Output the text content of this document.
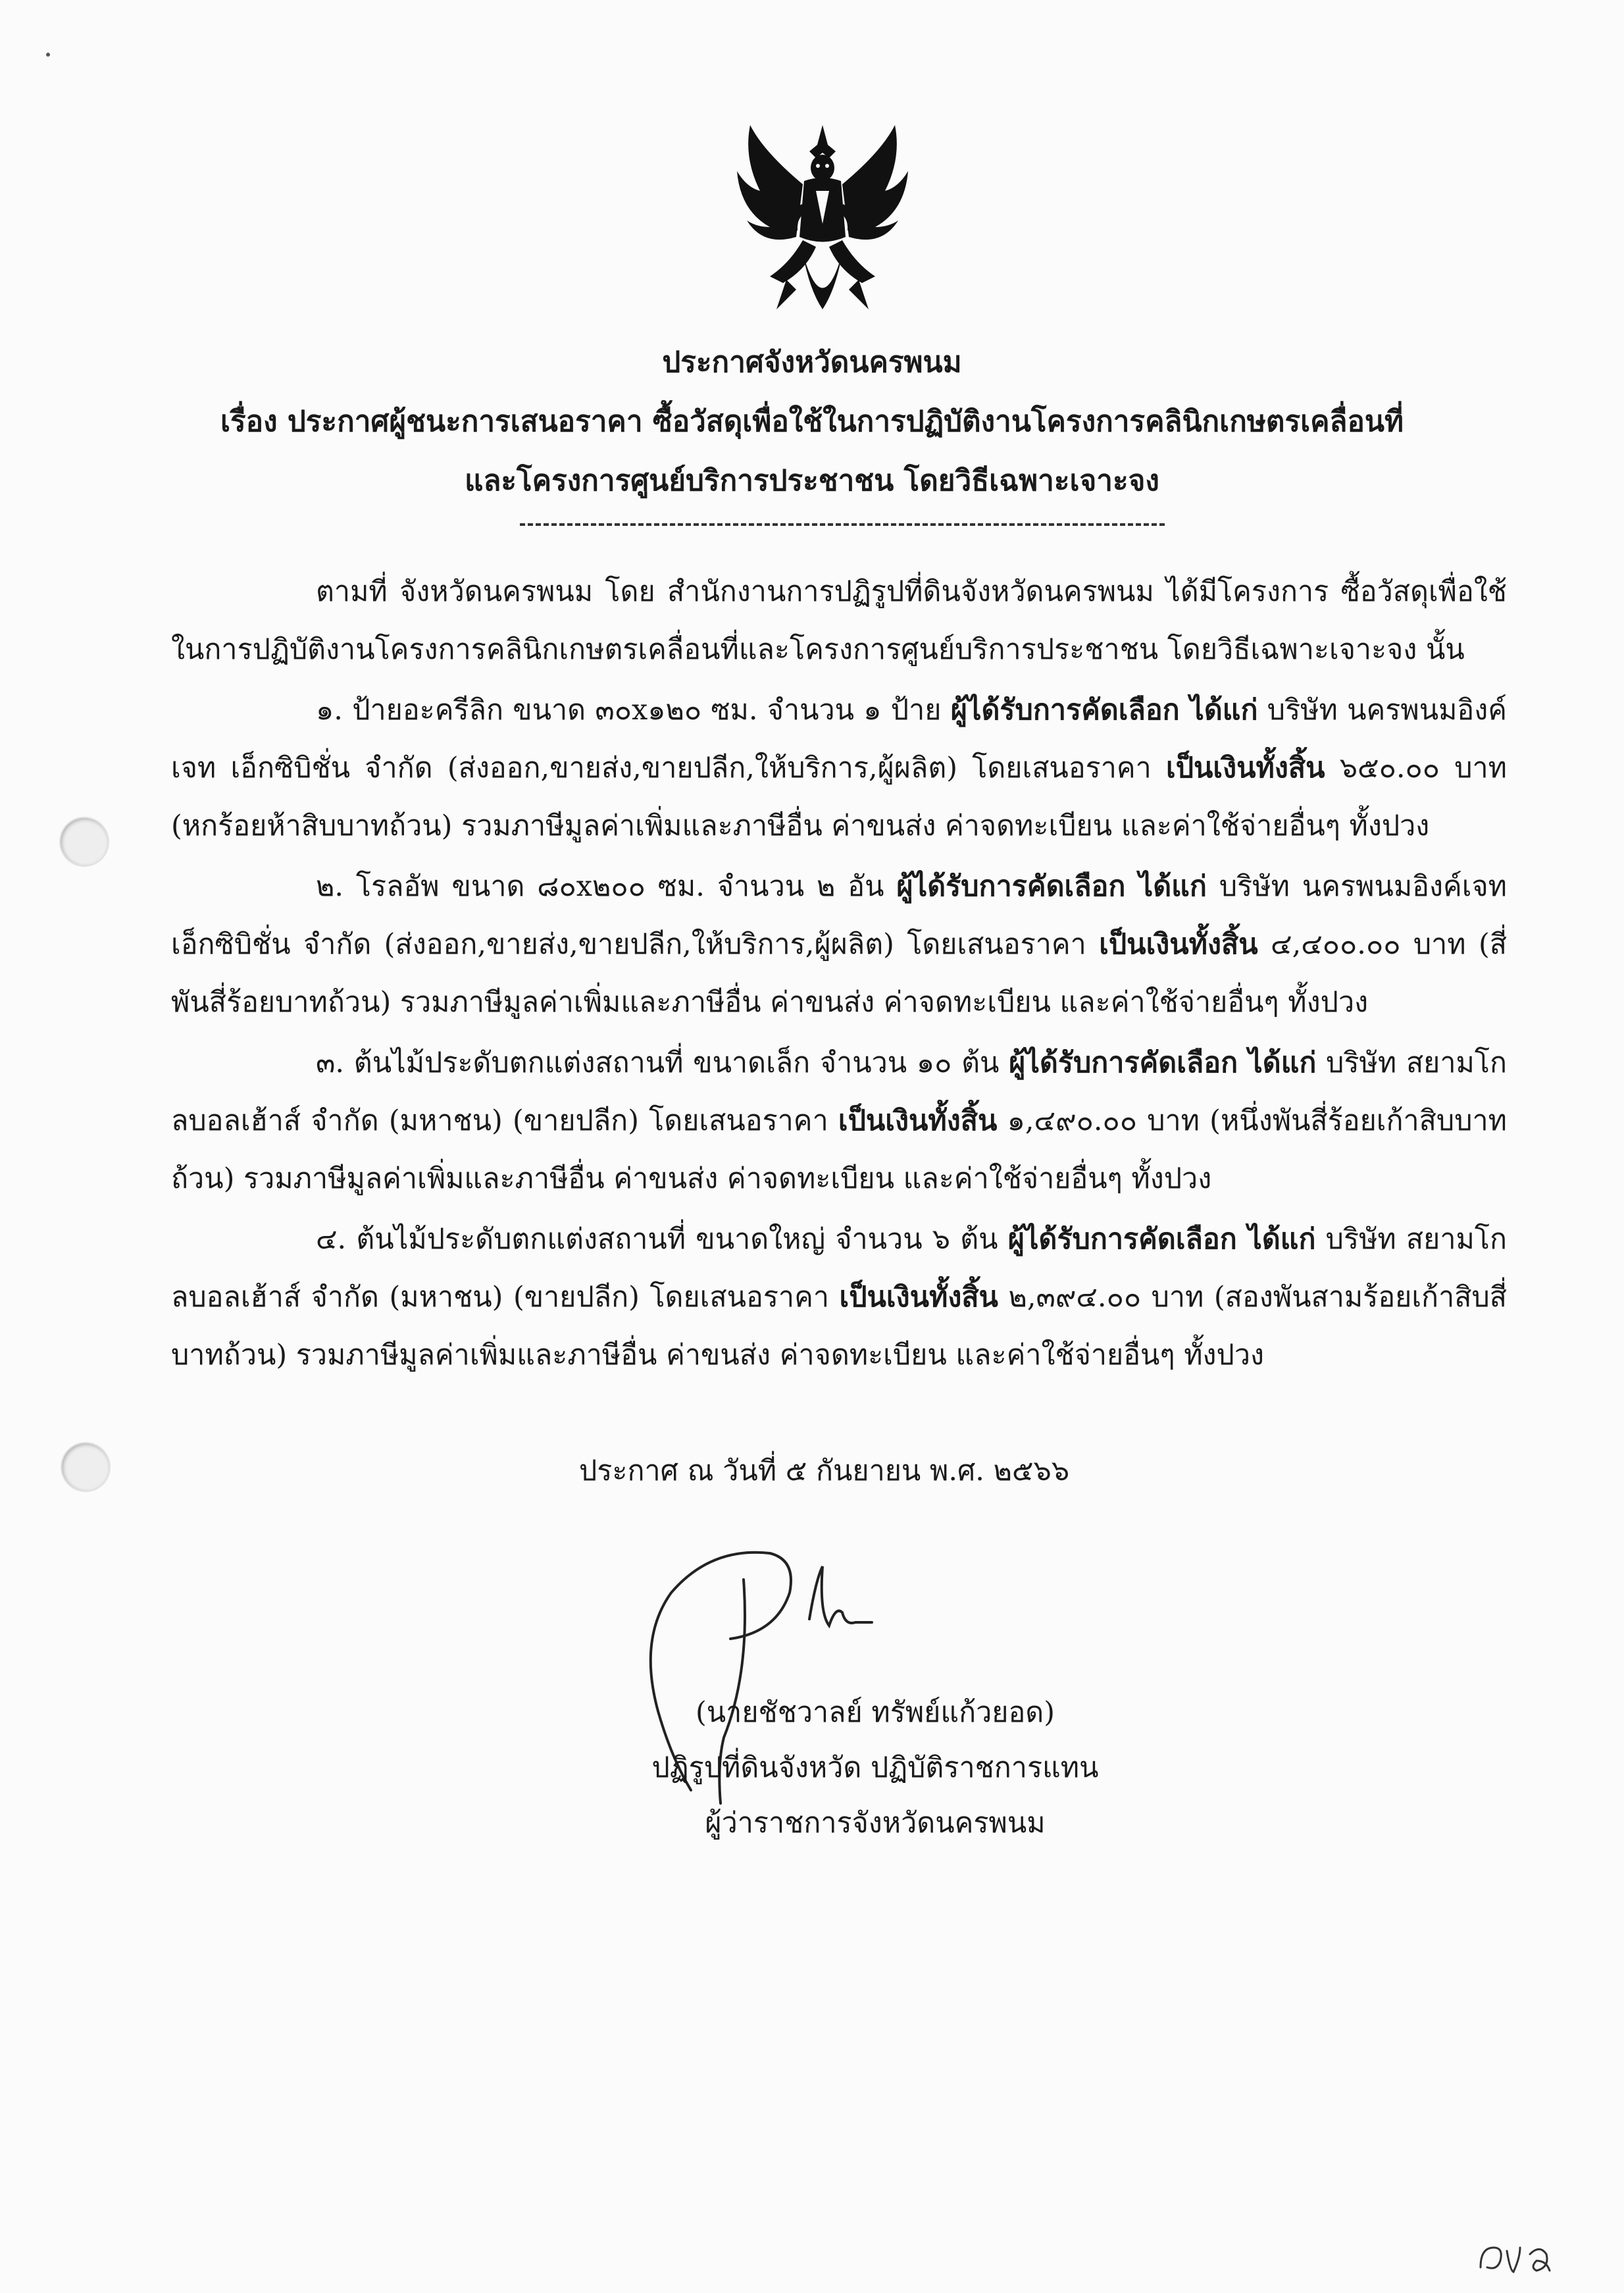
ประกาศจังหวัดนครพนม
เรื่อง ประกาศผู้ชนะการเสนอราคา ซื้อวัสดุเพื่อใช้ในการปฏิบัติงานโครงการคลินิกเกษตรเคลื่อนที่
และโครงการศูนย์บริการประชาชน โดยวิธีเฉพาะเจาะจง

ตามที่ จังหวัดนครพนม โดย สำนักงานการปฏิรูปที่ดินจังหวัดนครพนม ได้มีโครงการ ซื้อวัสดุเพื่อใช้ในการปฏิบัติงานโครงการคลินิกเกษตรเคลื่อนที่และโครงการศูนย์บริการประชาชน โดยวิธีเฉพาะเจาะจง นั้น

๑. ป้ายอะครีลิก ขนาด ๓๐x๑๒๐ ซม. จำนวน ๑ ป้าย ผู้ได้รับการคัดเลือก ได้แก่ บริษัท นครพนมอิงค์เจท เอ็กซิบิชั่น จำกัด (ส่งออก,ขายส่ง,ขายปลีก,ให้บริการ,ผู้ผลิต) โดยเสนอราคา เป็นเงินทั้งสิ้น ๖๕๐.๐๐ บาท (หกร้อยห้าสิบบาทถ้วน) รวมภาษีมูลค่าเพิ่มและภาษีอื่น ค่าขนส่ง ค่าจดทะเบียน และค่าใช้จ่ายอื่นๆ ทั้งปวง

๒. โรลอัพ ขนาด ๘๐x๒๐๐ ซม. จำนวน ๒ อัน ผู้ได้รับการคัดเลือก ได้แก่ บริษัท นครพนมอิงค์เจท เอ็กซิบิชั่น จำกัด (ส่งออก,ขายส่ง,ขายปลีก,ให้บริการ,ผู้ผลิต) โดยเสนอราคา เป็นเงินทั้งสิ้น ๔,๔๐๐.๐๐ บาท (สี่พันสี่ร้อยบาทถ้วน) รวมภาษีมูลค่าเพิ่มและภาษีอื่น ค่าขนส่ง ค่าจดทะเบียน และค่าใช้จ่ายอื่นๆ ทั้งปวง

๓. ต้นไม้ประดับตกแต่งสถานที่ ขนาดเล็ก จำนวน ๑๐ ต้น ผู้ได้รับการคัดเลือก ได้แก่ บริษัท สยามโกลบอลเฮ้าส์ จำกัด (มหาชน) (ขายปลีก) โดยเสนอราคา เป็นเงินทั้งสิ้น ๑,๔๙๐.๐๐ บาท (หนึ่งพันสี่ร้อยเก้าสิบบาทถ้วน) รวมภาษีมูลค่าเพิ่มและภาษีอื่น ค่าขนส่ง ค่าจดทะเบียน และค่าใช้จ่ายอื่นๆ ทั้งปวง

๔. ต้นไม้ประดับตกแต่งสถานที่ ขนาดใหญ่ จำนวน ๖ ต้น ผู้ได้รับการคัดเลือก ได้แก่ บริษัท สยามโกลบอลเฮ้าส์ จำกัด (มหาชน) (ขายปลีก) โดยเสนอราคา เป็นเงินทั้งสิ้น ๒,๓๙๔.๐๐ บาท (สองพันสามร้อยเก้าสิบสี่บาทถ้วน) รวมภาษีมูลค่าเพิ่มและภาษีอื่น ค่าขนส่ง ค่าจดทะเบียน และค่าใช้จ่ายอื่นๆ ทั้งปวง

ประกาศ ณ วันที่ ๕ กันยายน พ.ศ. ๒๕๖๖
(นายชัชวาลย์ ทรัพย์แก้วยอด)
ปฏิรูปที่ดินจังหวัด ปฏิบัติราชการแทน
ผู้ว่าราชการจังหวัดนครพนม
